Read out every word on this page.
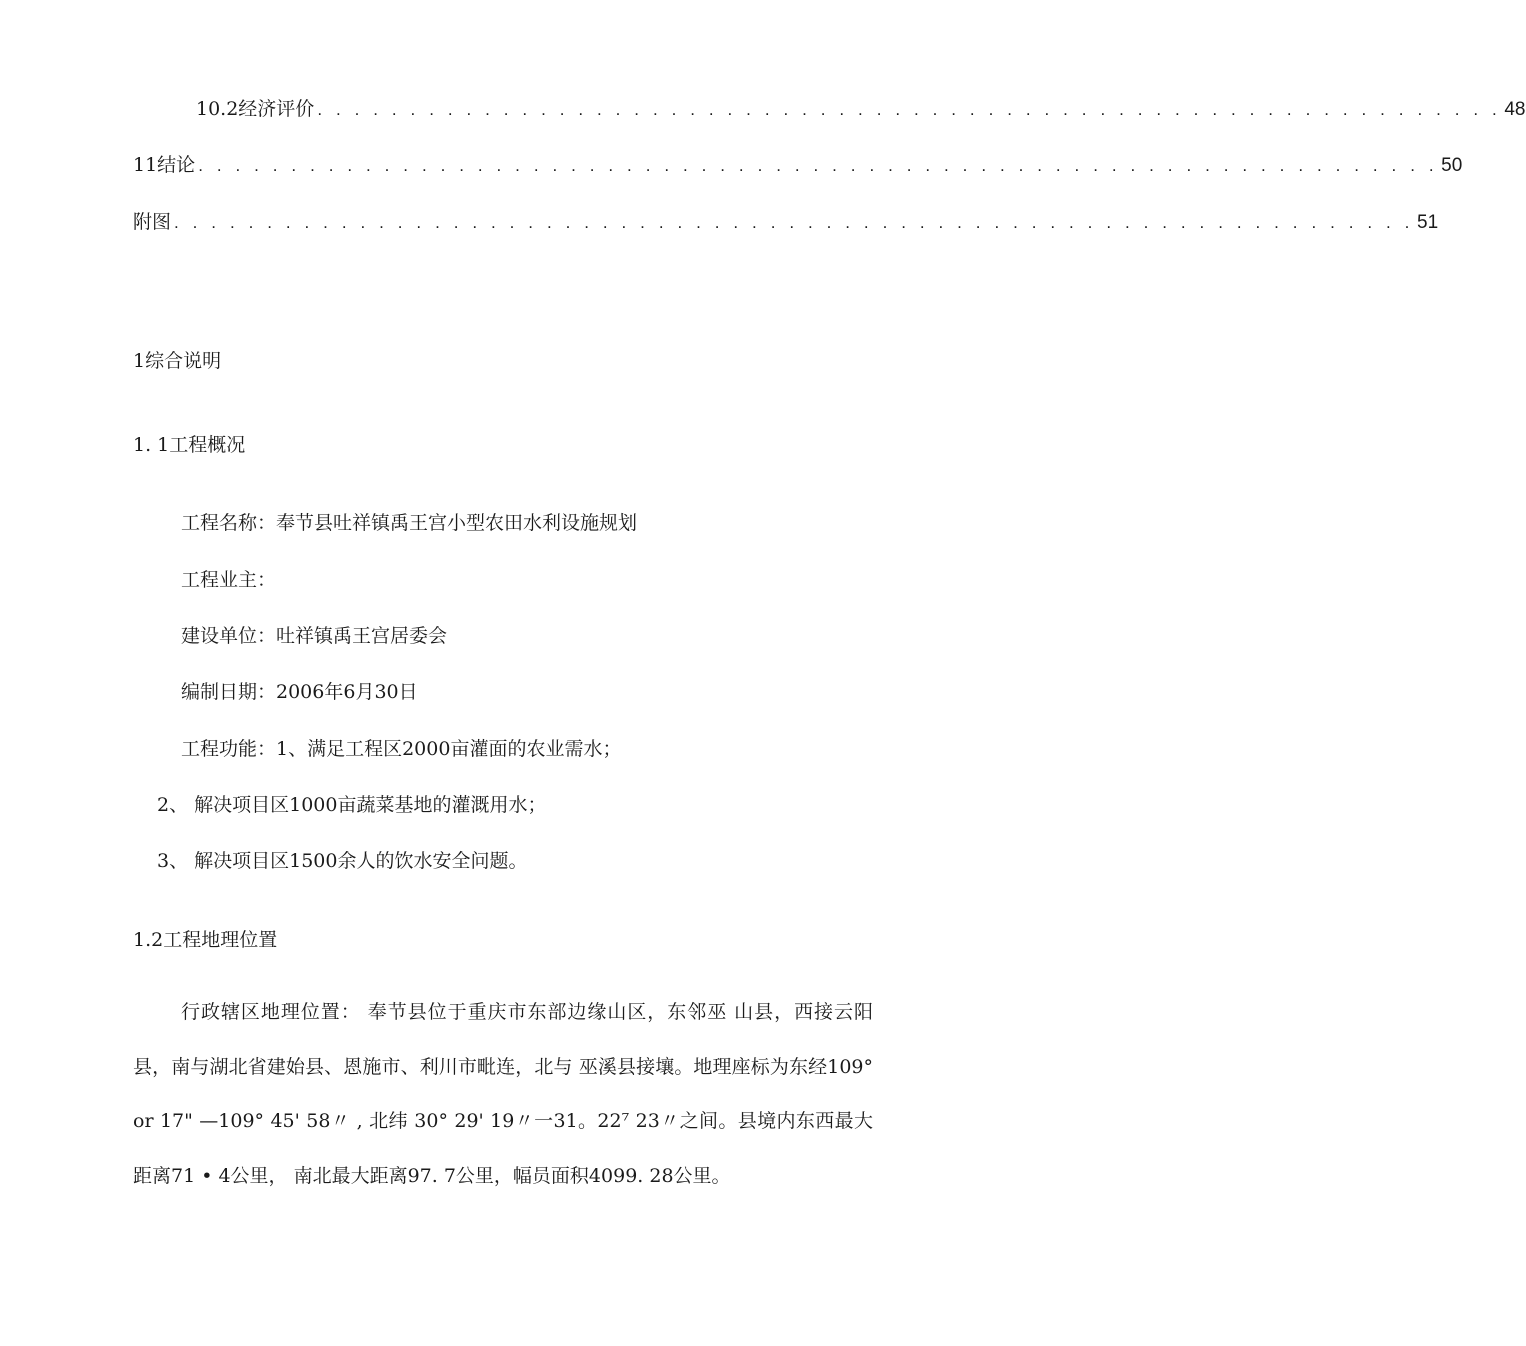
10.2经济评价 . . . . . . . . . . . . . . . . . . . . . . . . . . . . . . . . . . . . . . . . . . . . . . . . . . . . . . . . . . . . . . . . 48
11结论 . . . . . . . . . . . . . . . . . . . . . . . . . . . . . . . . . . . . . . . . . . . . . . . . . . . . . . . . . . . . . . . . . . . 50
附图 . . . . . . . . . . . . . . . . . . . . . . . . . . . . . . . . . . . . . . . . . . . . . . . . . . . . . . . . . . . . . . . . . . . 51
1综合说明
1. 1工程概况
工程名称：奉节县吐祥镇禹王宫小型农田水利设施规划
工程业主：
建设单位：吐祥镇禹王宫居委会
编制日期：2006年6月30日
工程功能：1、满足工程区2000亩灌面的农业需水；
2、 解决项目区1000亩蔬菜基地的灌溉用水；
3、 解决项目区1500余人的饮水安全问题。
1.2工程地理位置

行政辖区地理位置： 奉节县位于重庆市东部边缘山区，东邻巫 山县，西接云阳县，南与湖北省建始县、恩施市、利川市毗连，北与 巫溪县接壤。地理座标为东经109° or 17" —109° 45' 58〃 , 北纬 30° 29' 19〃一31。22⁷ 23〃之间。县境内东西最大距离71 • 4公里， 南北最大距离97. 7公里，幅员面积4099. 28公里。
